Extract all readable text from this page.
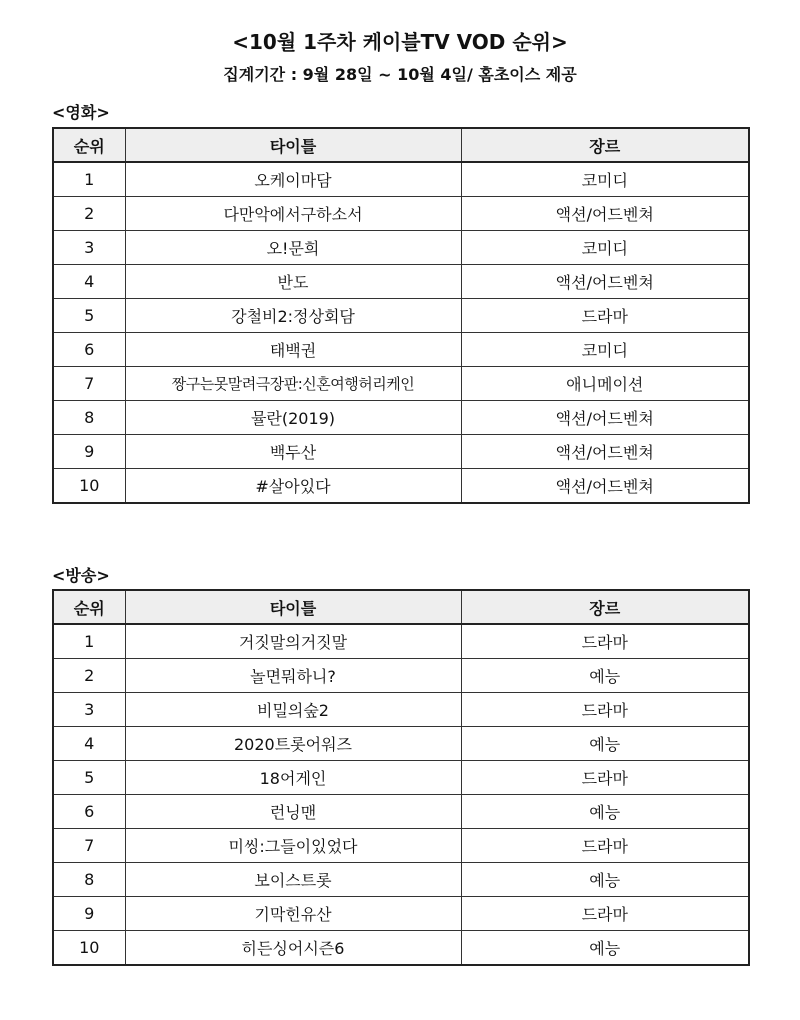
<10월 1주차 케이블TV VOD 순위>
집계기간 : 9월 28일 ~ 10월 4일/ 홈초이스 제공
<영화>
순위	타이틀	장르
1	오케이마담	코미디
2	다만악에서구하소서	액션/어드벤쳐
3	오!문희	코미디
4	반도	액션/어드벤쳐
5	강철비2:정상회담	드라마
6	태백권	코미디
7	짱구는못말려극장판:신혼여행허리케인	애니메이션
8	뮬란(2019)	액션/어드벤쳐
9	백두산	액션/어드벤쳐
10	#살아있다	액션/어드벤쳐
<방송>
순위	타이틀	장르
1	거짓말의거짓말	드라마
2	놀면뭐하니?	예능
3	비밀의숲2	드라마
4	2020트롯어워즈	예능
5	18어게인	드라마
6	런닝맨	예능
7	미씽:그들이있었다	드라마
8	보이스트롯	예능
9	기막힌유산	드라마
10	히든싱어시즌6	예능
